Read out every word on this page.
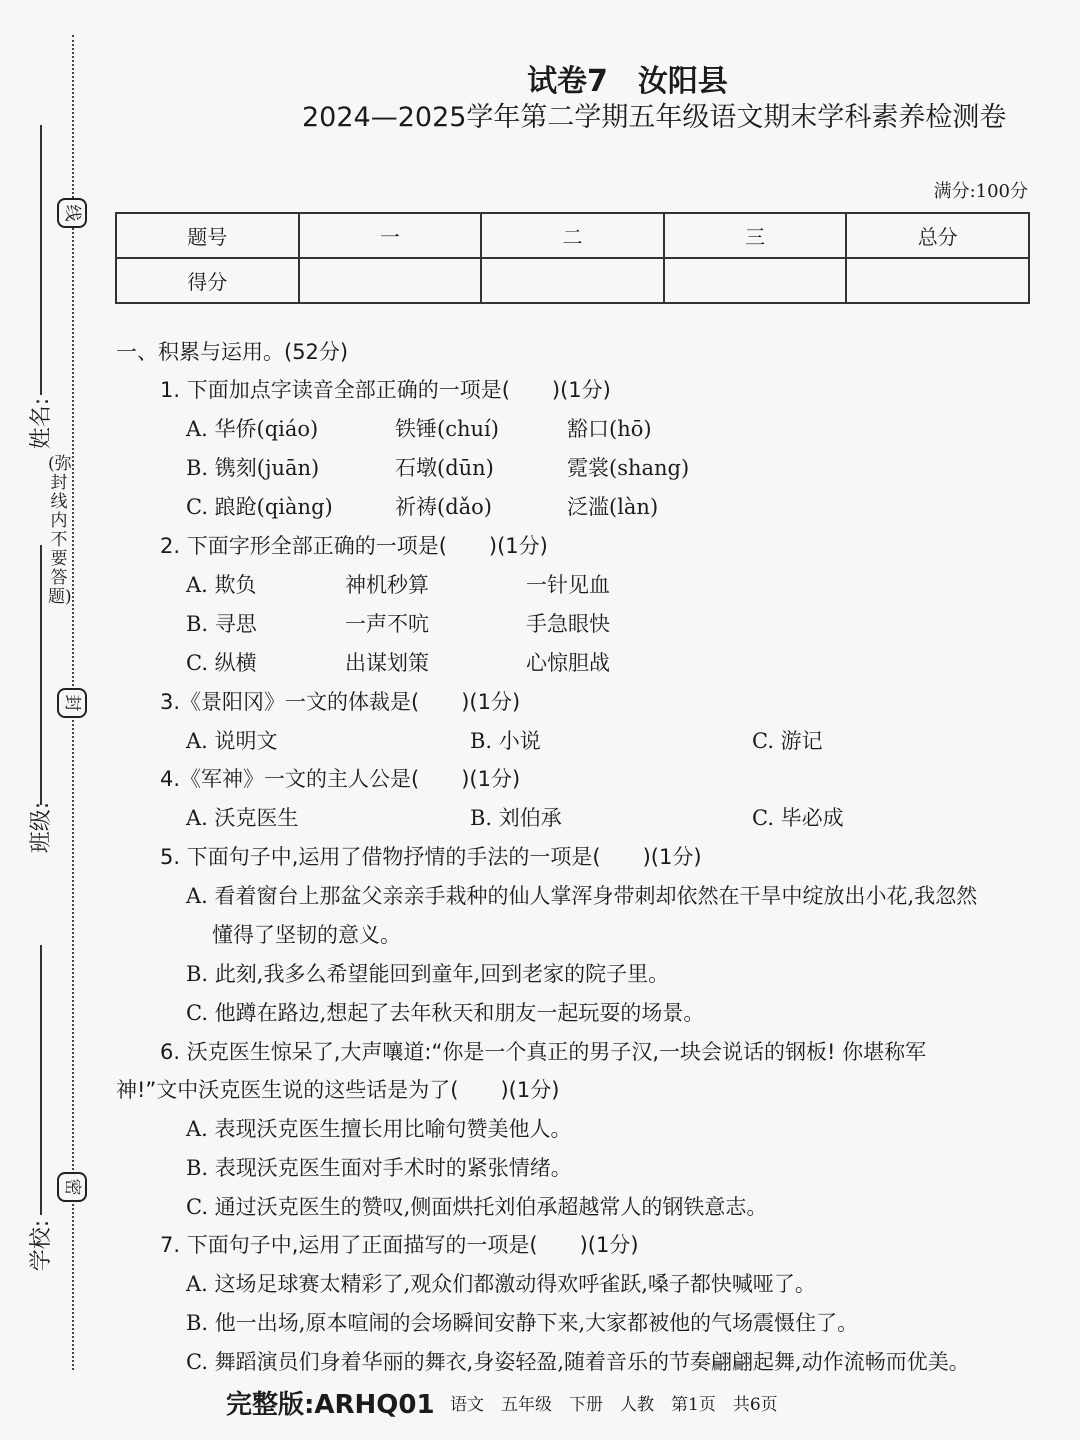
线
封
密
姓名:
班级:
学校:
(弥封线内不要答题)
试卷7　汝阳县
2024—2025学年第二学期五年级语文期末学科素养检测卷
满分:100分
题号	一	二	三	总分
得分				
一、积累与运用。(52分)
1. 下面加点字读音全部正确的一项是(　　)(1分)
A. 华侨(qiáo)	铁锤(chuí)	豁口(hō)
B. 镌刻(juān)	石墩(dūn)	霓裳(shang)
C. 踉跄(qiàng)	祈祷(dǎo)	泛滥(làn)
2. 下面字形全部正确的一项是(　　)(1分)
A. 欺负	神机秒算	一针见血
B. 寻思	一声不吭	手急眼快
C. 纵横	出谋划策	心惊胆战
3.《景阳冈》一文的体裁是(　　)(1分)
A. 说明文	B. 小说	C. 游记
4.《军神》一文的主人公是(　　)(1分)
A. 沃克医生	B. 刘伯承	C. 毕必成
5. 下面句子中,运用了借物抒情的手法的一项是(　　)(1分)
A. 看着窗台上那盆父亲亲手栽种的仙人掌浑身带刺却依然在干旱中绽放出小花,我忽然
懂得了坚韧的意义。
B. 此刻,我多么希望能回到童年,回到老家的院子里。
C. 他蹲在路边,想起了去年秋天和朋友一起玩耍的场景。
6. 沃克医生惊呆了,大声嚷道:“你是一个真正的男子汉,一块会说话的钢板! 你堪称军
神!”文中沃克医生说的这些话是为了(　　)(1分)
A. 表现沃克医生擅长用比喻句赞美他人。
B. 表现沃克医生面对手术时的紧张情绪。
C. 通过沃克医生的赞叹,侧面烘托刘伯承超越常人的钢铁意志。
7. 下面句子中,运用了正面描写的一项是(　　)(1分)
A. 这场足球赛太精彩了,观众们都激动得欢呼雀跃,嗓子都快喊哑了。
B. 他一出场,原本喧闹的会场瞬间安静下来,大家都被他的气场震慑住了。
C. 舞蹈演员们身着华丽的舞衣,身姿轻盈,随着音乐的节奏翩翩起舞,动作流畅而优美。
完整版:ARHQ01 语文　五年级　下册　人教　第1页　共6页
